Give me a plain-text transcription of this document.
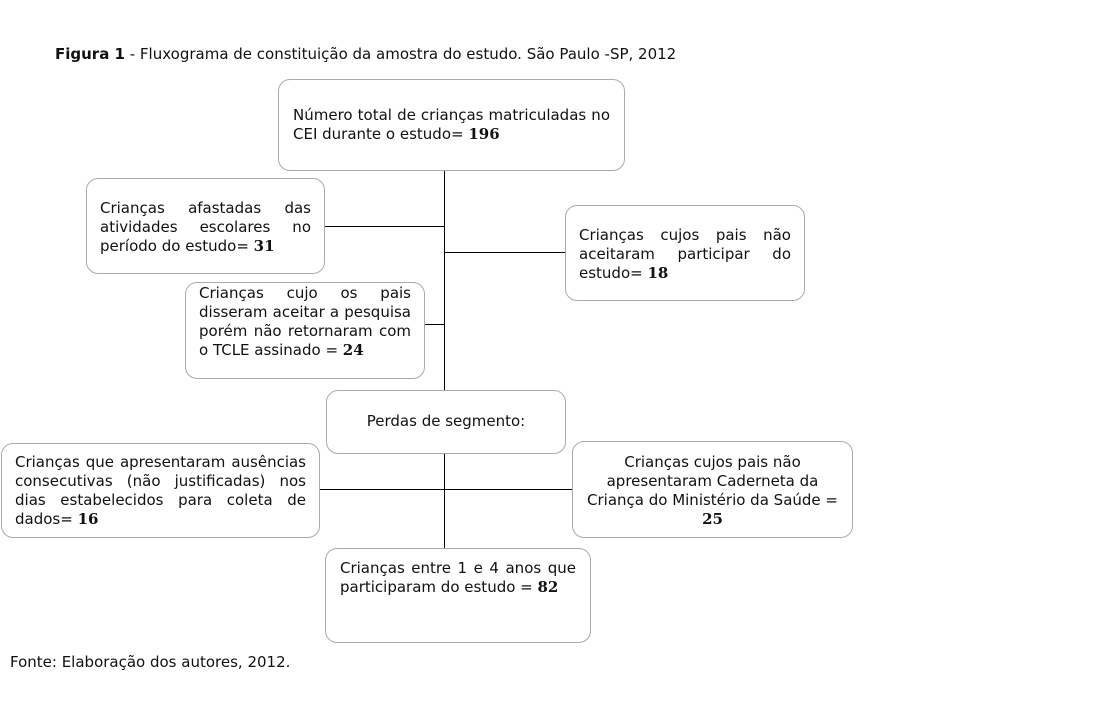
Figura 1 - Fluxograma de constituição da amostra do estudo. São Paulo -SP, 2012
Número total de crianças matriculadas no CEI durante o estudo= 196
Crianças afastadas das atividades escolares no período do estudo= 31
Crianças cujos pais não aceitaram participar do estudo= 18
Crianças cujo os pais disseram aceitar a pesquisa porém não retornaram com o TCLE assinado = 24
Perdas de segmento:
Crianças que apresentaram ausências consecutivas (não justificadas) nos dias estabelecidos para coleta de dados= 16
Crianças cujos pais não apresentaram Caderneta da Criança do Ministério da Saúde = 25
Crianças entre 1 e 4 anos que participaram do estudo = 82
Fonte: Elaboração dos autores, 2012.
